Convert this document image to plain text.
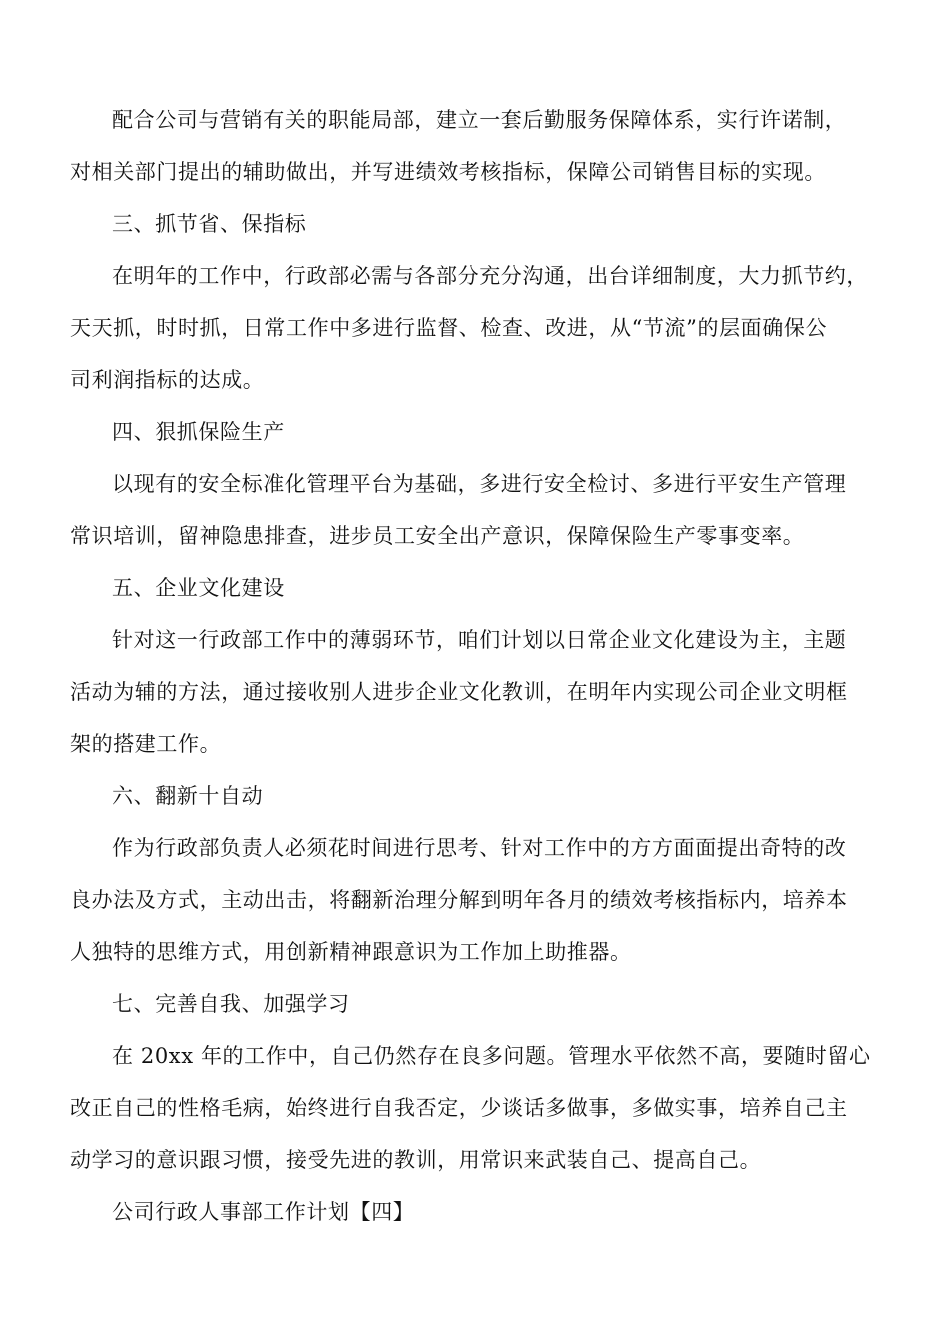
配合公司与营销有关的职能局部，建立一套后勤服务保障体系，实行许诺制，
对相关部门提出的辅助做出，并写进绩效考核指标，保障公司销售目标的实现。
三、抓节省、保指标
在明年的工作中，行政部必需与各部分充分沟通，出台详细制度，大力抓节约，
天天抓，时时抓，日常工作中多进行监督、检查、改进，从“节流”的层面确保公
司利润指标的达成。
四、狠抓保险生产
以现有的安全标准化管理平台为基础，多进行安全检讨、多进行平安生产管理
常识培训，留神隐患排查，进步员工安全出产意识，保障保险生产零事变率。
五、企业文化建设
针对这一行政部工作中的薄弱环节，咱们计划以日常企业文化建设为主，主题
活动为辅的方法，通过接收别人进步企业文化教训，在明年内实现公司企业文明框
架的搭建工作。
六、翻新十自动
作为行政部负责人必须花时间进行思考、针对工作中的方方面面提出奇特的改
良办法及方式，主动出击，将翻新治理分解到明年各月的绩效考核指标内，培养本
人独特的思维方式，用创新精神跟意识为工作加上助推器。
七、完善自我、加强学习
在 20xx 年的工作中，自己仍然存在良多问题。管理水平依然不高，要随时留心
改正自己的性格毛病，始终进行自我否定，少谈话多做事，多做实事，培养自己主
动学习的意识跟习惯，接受先进的教训，用常识来武装自己、提高自己。
公司行政人事部工作计划【四】
